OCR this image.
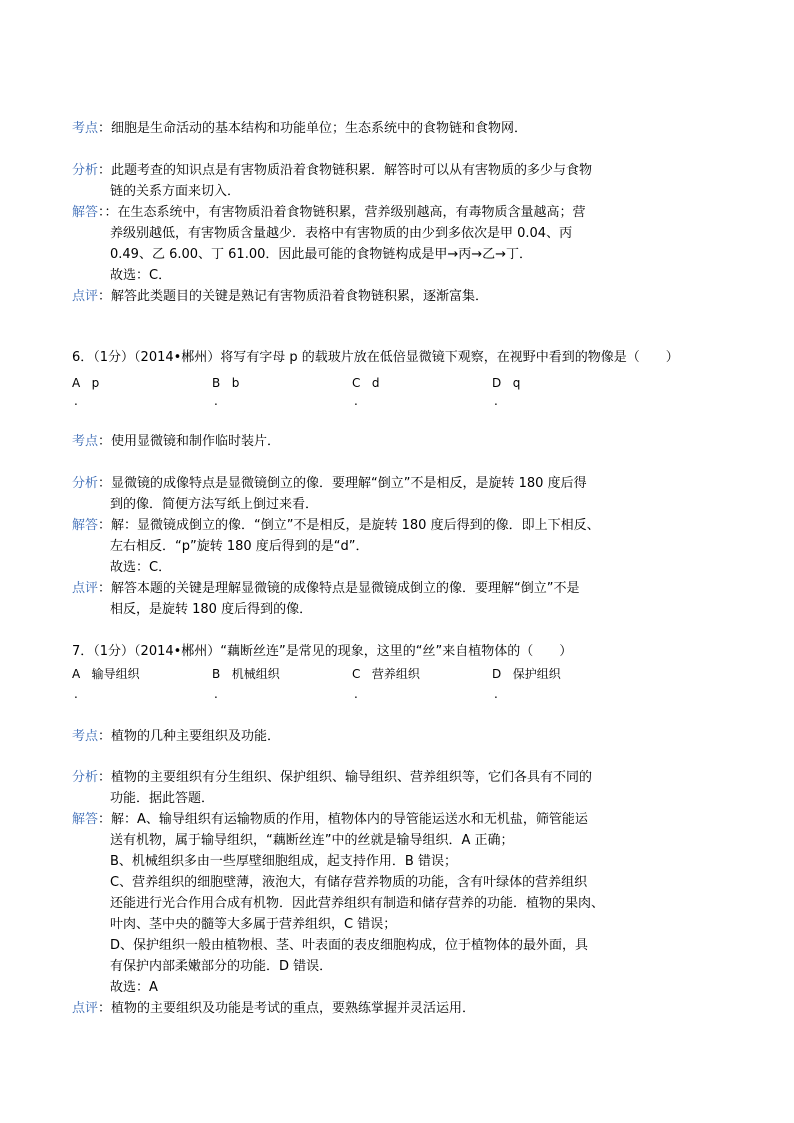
考点：细胞是生命活动的基本结构和功能单位；生态系统中的食物链和食物网．
分析：此题考查的知识点是有害物质沿着食物链积累．解答时可以从有害物质的多少与食物
链的关系方面来切入．
解答：：在生态系统中，有害物质沿着食物链积累，营养级别越高，有毒物质含量越高；营
养级别越低，有害物质含量越少．表格中有害物质的由少到多依次是甲 0.04、丙
0.49、乙 6.00、丁 61.00．因此最可能的食物链构成是甲→丙→乙→丁．
故选：C．
点评：解答此类题目的关键是熟记有害物质沿着食物链积累，逐渐富集．
6．（1分）（2014•郴州）将写有字母 p 的载玻片放在低倍显微镜下观察，在视野中看到的物像是（　　）
A p	B b	C d	D q
.	.	.	.
考点：使用显微镜和制作临时装片．
分析：显微镜的成像特点是显微镜倒立的像．要理解“倒立”不是相反，是旋转 180 度后得
到的像．简便方法写纸上倒过来看．
解答：解：显微镜成倒立的像．“倒立”不是相反，是旋转 180 度后得到的像．即上下相反、
左右相反．“p”旋转 180 度后得到的是“d”．
故选：C．
点评：解答本题的关键是理解显微镜的成像特点是显微镜成倒立的像．要理解“倒立”不是
相反，是旋转 180 度后得到的像．
7．（1分）（2014•郴州）“藕断丝连”是常见的现象，这里的“丝”来自植物体的（　　）
A 输导组织	B 机械组织	C 营养组织	D 保护组织
.	.	.	.
考点：植物的几种主要组织及功能．
分析：植物的主要组织有分生组织、保护组织、输导组织、营养组织等，它们各具有不同的
功能．据此答题．
解答：解：A、输导组织有运输物质的作用，植物体内的导管能运送水和无机盐，筛管能运
送有机物，属于输导组织，“藕断丝连”中的丝就是输导组织．A 正确；
B、机械组织多由一些厚壁细胞组成，起支持作用．B 错误；
C、营养组织的细胞壁薄，液泡大，有储存营养物质的功能，含有叶绿体的营养组织
还能进行光合作用合成有机物．因此营养组织有制造和储存营养的功能．植物的果肉、
叶肉、茎中央的髓等大多属于营养组织，C 错误；
D、保护组织一般由植物根、茎、叶表面的表皮细胞构成，位于植物体的最外面，具
有保护内部柔嫩部分的功能．D 错误．
故选：A
点评：植物的主要组织及功能是考试的重点，要熟练掌握并灵活运用．
